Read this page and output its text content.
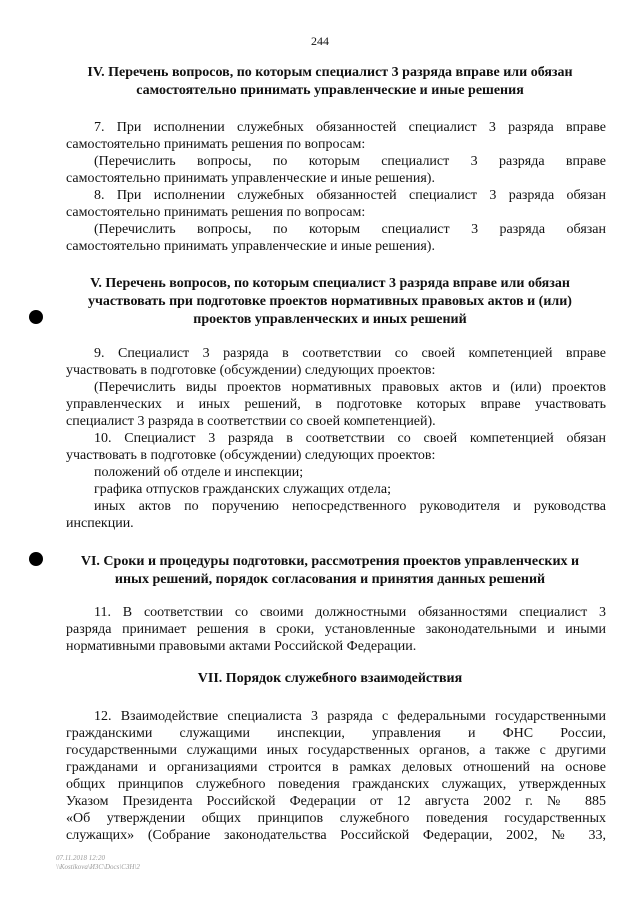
244
IV. Перечень вопросов, по которым специалист 3 разряда вправе или обязан
самостоятельно принимать управленческие и иные решения
7. При исполнении служебных обязанностей специалист 3 разряда вправе
самостоятельно принимать решения по вопросам:
(Перечислить вопросы, по которым специалист 3 разряда вправе
самостоятельно принимать управленческие и иные решения).
8. При исполнении служебных обязанностей специалист 3 разряда обязан
самостоятельно принимать решения по вопросам:
(Перечислить вопросы, по которым специалист 3 разряда обязан
самостоятельно принимать управленческие и иные решения).
V. Перечень вопросов, по которым специалист 3 разряда вправе или обязан
участвовать при подготовке проектов нормативных правовых актов и (или)
проектов управленческих и иных решений
9. Специалист 3 разряда в соответствии со своей компетенцией вправе
участвовать в подготовке (обсуждении) следующих проектов:
(Перечислить виды проектов нормативных правовых актов и (или) проектов
управленческих и иных решений, в подготовке которых вправе участвовать
специалист 3 разряда в соответствии со своей компетенцией).
10. Специалист 3 разряда в соответствии со своей компетенцией обязан
участвовать в подготовке (обсуждении) следующих проектов:
положений об отделе и инспекции;
графика отпусков гражданских служащих отдела;
иных актов по поручению непосредственного руководителя и руководства
инспекции.
VI. Сроки и процедуры подготовки, рассмотрения проектов управленческих и
иных решений, порядок согласования и принятия данных решений
11. В соответствии со своими должностными обязанностями специалист 3
разряда принимает решения в сроки, установленные законодательными и иными
нормативными правовыми актами Российской Федерации.
VII. Порядок служебного взаимодействия
12. Взаимодействие специалиста 3 разряда с федеральными государственными
гражданскими служащими инспекции, управления и ФНС России,
государственными служащими иных государственных органов, а также с другими
гражданами и организациями строится в рамках деловых отношений на основе
общих принципов служебного поведения гражданских служащих, утвержденных
Указом Президента Российской Федерации от 12 августа 2002 г. № 885
«Об утверждении общих принципов служебного поведения государственных
служащих» (Собрание законодательства Российской Федерации, 2002, № 33,
07.11.2018 12:20
\\Kostikova\ИЗС\Docs\СЗН\2
